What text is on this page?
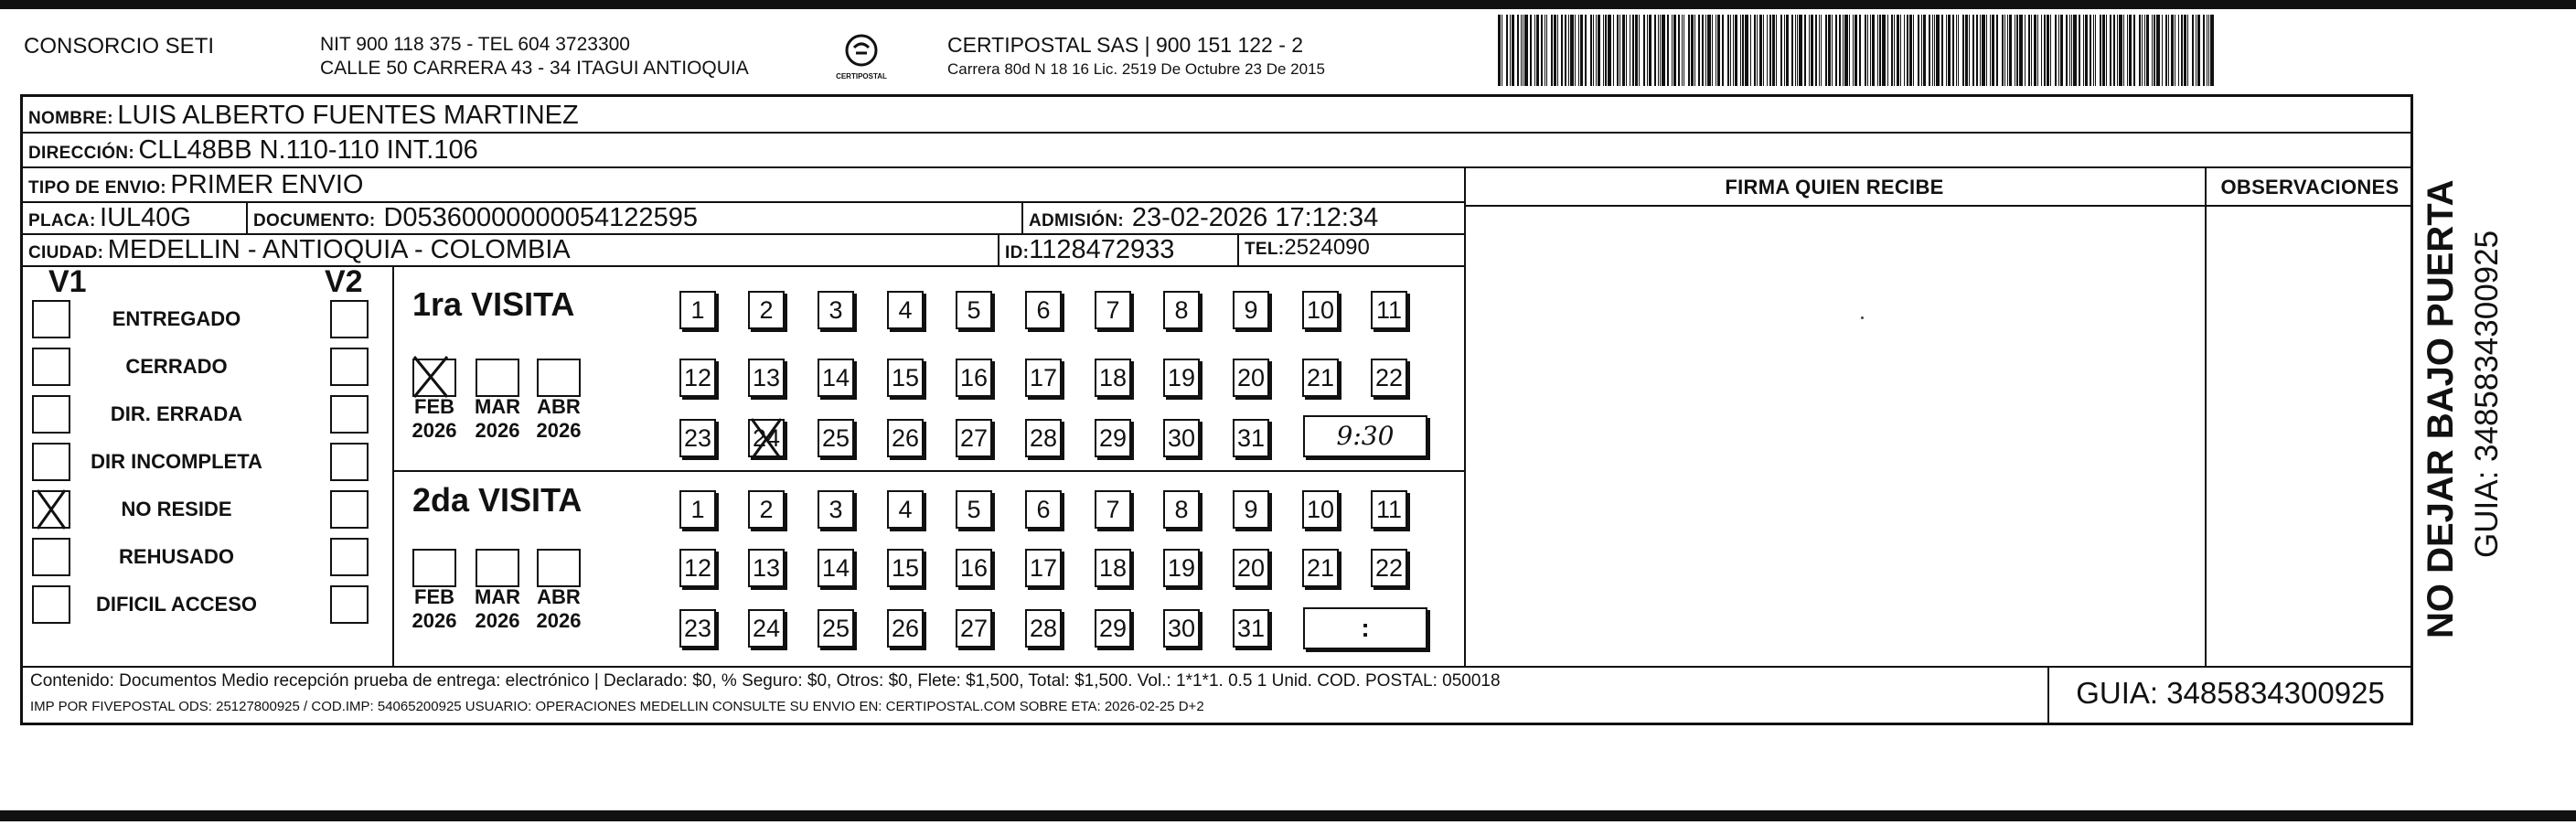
CONSORCIO SETI	NIT 900 118 375 - TEL 604 3723300
CALLE 50 CARRERA 43 - 34 ITAGUI ANTIOQUIA	CERTIPOSTAL
CERTIPOSTAL SAS | 900 151 122 - 2
Carrera 80d N 18 16 Lic. 2519 De Octubre 23 De 2015
NOMBRE:
LUIS ALBERTO FUENTES MARTINEZ
DIRECCIÓN:
CLL48BB N.110-110 INT.106
TIPO DE ENVIO:
PRIMER ENVIO
PLACA:
IUL40G	DOCUMENTO:
D05360000000054122595	ADMISIÓN:
23-02-2026 17:12:34
CIUDAD:
MEDELLIN - ANTIOQUIA - COLOMBIA	ID: 1128472933	TEL: 2524090
FIRMA QUIEN RECIBE	OBSERVACIONES
V1	V2
ENTREGADO
CERRADO
DIR. ERRADA
DIR INCOMPLETA
NO RESIDE
REHUSADO
DIFICIL ACCESO
1ra VISITA
2da VISITA
1	2	3	4	5	6	7	8	9	10 11
12 13 14 15 16 17 18 19 20 21 22
23 24 25 26 27 28 29 30 31
FEB
2026
MAR
2026
ABR
2026
1	2	3	4	5	6	7	8	9	10 11
12 13 14 15 16 17 18 19 20 21 22
23 24 25 26 27 28 29 30 31
FEB
2026
MAR
2026
ABR
2026
9:30
:
Contenido: Documentos Medio recepción prueba de entrega: electrónico | Declarado: $0, % Seguro: $0, Otros: $0, Flete: $1,500, Total: $1,500. Vol.: 1*1*1. 0.5 1 Unid. COD. POSTAL: 050018
IMP POR FIVEPOSTAL ODS: 25127800925 / COD.IMP: 54065200925 USUARIO: OPERACIONES MEDELLIN CONSULTE SU ENVIO EN: CERTIPOSTAL.COM SOBRE ETA: 2026-02-25 D+2	GUIA: 3485834300925
NO DEJAR BAJO PUERTA GUIA: 3485834300925
